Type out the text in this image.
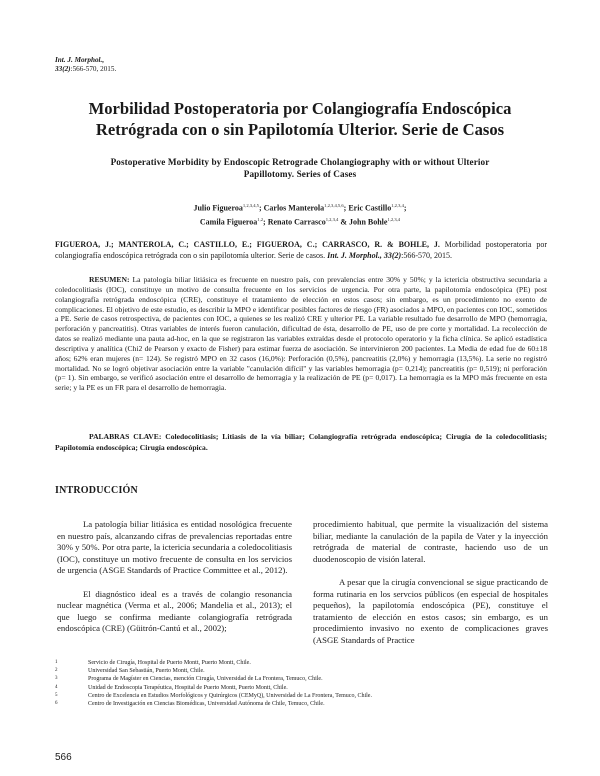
Int. J. Morphol.,
33(2):566-570, 2015.
Morbilidad Postoperatoria por Colangiografía Endoscópica Retrógrada con o sin Papilotomía Ulterior. Serie de Casos
Postoperative Morbidity by Endoscopic Retrograde Cholangiography with or without Ulterior Papillotomy. Series of Cases
Julio Figueroa$^{1,2,3,4,5}$; Carlos Manterola$^{1,2,3,4,5,6}$; Eric Castillo$^{1,2,3,4}$;
Camila Figueroa$^{1,2}$; Renato Carrasco$^{1,2,3,4}$ & John Bohle$^{1,2,3,4}$
FIGUEROA, J.; MANTEROLA, C.; CASTILLO, E.; FIGUEROA, C.; CARRASCO, R. & BOHLE, J. Morbilidad postoperatoria por colangiografía endoscópica retrógrada con o sin papilotomía ulterior. Serie de casos. Int. J. Morphol., 33(2):566-570, 2015.
RESUMEN: La patología biliar litiásica es frecuente en nuestro país, con prevalencias entre 30% y 50%; y la ictericia obstructiva secundaria a coledocolitiasis (IOC), constituye un motivo de consulta frecuente en los servicios de urgencia. Por otra parte, la papilotomía endoscópica (PE) post colangiografía retrógrada endoscópica (CRE), constituye el tratamiento de elección en estos casos; sin embargo, es un procedimiento no exento de complicaciones. El objetivo de este estudio, es describir la MPO e identificar posibles factores de riesgo (FR) asociados a MPO, en pacientes con IOC, sometidos a PE. Serie de casos retrospectiva, de pacientes con IOC, a quienes se les realizó CRE y ulterior PE. La variable resultado fue desarrollo de MPO (hemorragia, perforación y pancreatitis). Otras variables de interés fueron canulación, dificultad de ésta, desarrollo de PE, uso de pre corte y mortalidad. La recolección de datos se realizó mediante una pauta ad-hoc, en la que se registraron las variables extraídas desde el protocolo operatorio y la ficha clínica. Se aplicó estadística descriptiva y analítica (Chi2 de Pearson y exacto de Fisher) para estimar fuerza de asociación. Se intervinieron 200 pacientes. La Media de edad fue de 60±18 años; 62% eran mujeres (n= 124). Se registró MPO en 32 casos (16,0%): Perforación (0,5%), pancreatitis (2,0%) y hemorragia (13,5%). La serie no registró mortalidad. No se logró objetivar asociación entre la variable "canulación difícil" y las variables hemorragia (p= 0,214); pancreatitis (p= 0,519); ni perforación (p= 1). Sin embargo, se verificó asociación entre el desarrollo de hemorragia y la realización de PE (p= 0,017). La hemorragia es la MPO más frecuente en esta serie; y la PE es un FR para el desarrollo de hemorragia.
PALABRAS CLAVE: Coledocolitiasis; Litiasis de la vía biliar; Colangiografía retrógrada endoscópica; Cirugía de la coledocolitiasis; Papilotomía endoscópica; Cirugía endoscópica.
INTRODUCCIÓN

La patología biliar litiásica es entidad nosológica frecuente en nuestro país, alcanzando cifras de prevalencias reportadas entre 30% y 50%. Por otra parte, la ictericia secundaria a coledocolitiasis (IOC), constituye un motivo frecuente de consulta en los servicios de urgencia (ASGE Standards of Practice Committee et al., 2012).

El diagnóstico ideal es a través de colangio resonancia nuclear magnética (Verma et al., 2006; Mandelia et al., 2013); el que luego se confirma mediante colangiografía retrógrada endoscópica (CRE) (Güitrón-Cantú et al., 2002);

procedimiento habitual, que permite la visualización del sistema biliar, mediante la canulación de la papila de Vater y la inyección retrógrada de material de contraste, haciendo uso de un duodenoscopio de visión lateral.

A pesar que la cirugía convencional se sigue practicando de forma rutinaria en los servcios públicos (en especial de hospitales pequeños), la papilotomía endoscópica (PE), constituye el tratamiento de elección en estos casos; sin embargo, es un procedimiento invasivo no exento de complicaciones graves (ASGE Standards of Practice

1	Servicio de Cirugía, Hospital de Puerto Montt, Puerto Montt, Chile.
2	Universidad San Sebastián, Puerto Montt, Chile.
3	Programa de Magíster en Ciencias, mención Cirugía, Universidad de La Frontera, Temuco, Chile.
4	Unidad de Endoscopia Terapéutica, Hospital de Puerto Montt, Puerto Montt, Chile.
5	Centro de Excelencia en Estudios Morfológicos y Quirúrgicos (CEMyQ), Universidad de La Frontera, Temuco, Chile.
6	Centro de Investigación en Ciencias Biomédicas, Universidad Autónoma de Chile, Temuco, Chile.
566
